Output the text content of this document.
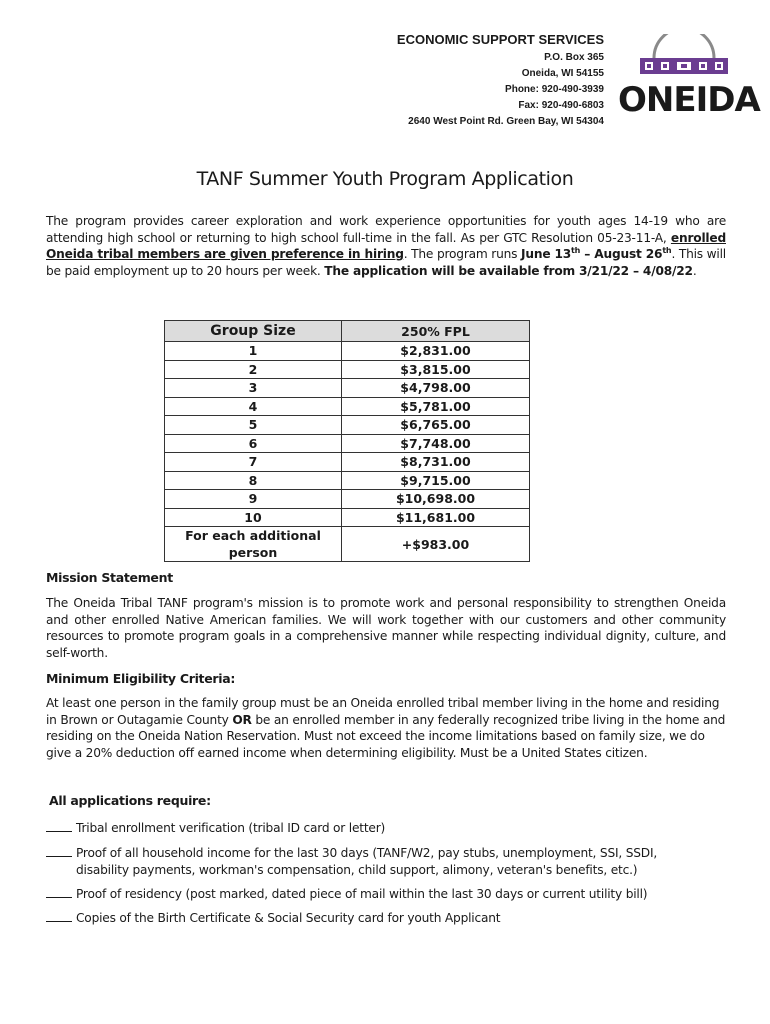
ECONOMIC SUPPORT SERVICES
P.O. Box 365
Oneida, WI 54155
Phone: 920-490-3939
Fax: 920-490-6803
2640 West Point Rd. Green Bay, WI 54304
ONEIDA
TANF Summer Youth Program Application
The program provides career exploration and work experience opportunities for youth ages 14-19 who are attending high school or returning to high school full-time in the fall. As per GTC Resolution 05-23-11-A, enrolled Oneida tribal members are given preference in hiring. The program runs June 13th – August 26th. This will be paid employment up to 20 hours per week. The application will be available from 3/21/22 – 4/08/22.
Group Size	250% FPL
1	$2,831.00
2	$3,815.00
3	$4,798.00
4	$5,781.00
5	$6,765.00
6	$7,748.00
7	$8,731.00
8	$9,715.00
9	$10,698.00
10	$11,681.00
For each additional person	+$983.00
Mission Statement
The Oneida Tribal TANF program's mission is to promote work and personal responsibility to strengthen Oneida and other enrolled Native American families. We will work together with our customers and other community resources to promote program goals in a comprehensive manner while respecting individual dignity, culture, and self-worth.
Minimum Eligibility Criteria:
At least one person in the family group must be an Oneida enrolled tribal member living in the home and residing in Brown or Outagamie County OR be an enrolled member in any federally recognized tribe living in the home and residing on the Oneida Nation Reservation. Must not exceed the income limitations based on family size, we do give a 20% deduction off earned income when determining eligibility. Must be a United States citizen.
All applications require:
Tribal enrollment verification (tribal ID card or letter)
Proof of all household income for the last 30 days (TANF/W2, pay stubs, unemployment, SSI, SSDI,
disability payments, workman's compensation, child support, alimony, veteran's benefits, etc.)
Proof of residency (post marked, dated piece of mail within the last 30 days or current utility bill)
Copies of the Birth Certificate & Social Security card for youth Applicant
